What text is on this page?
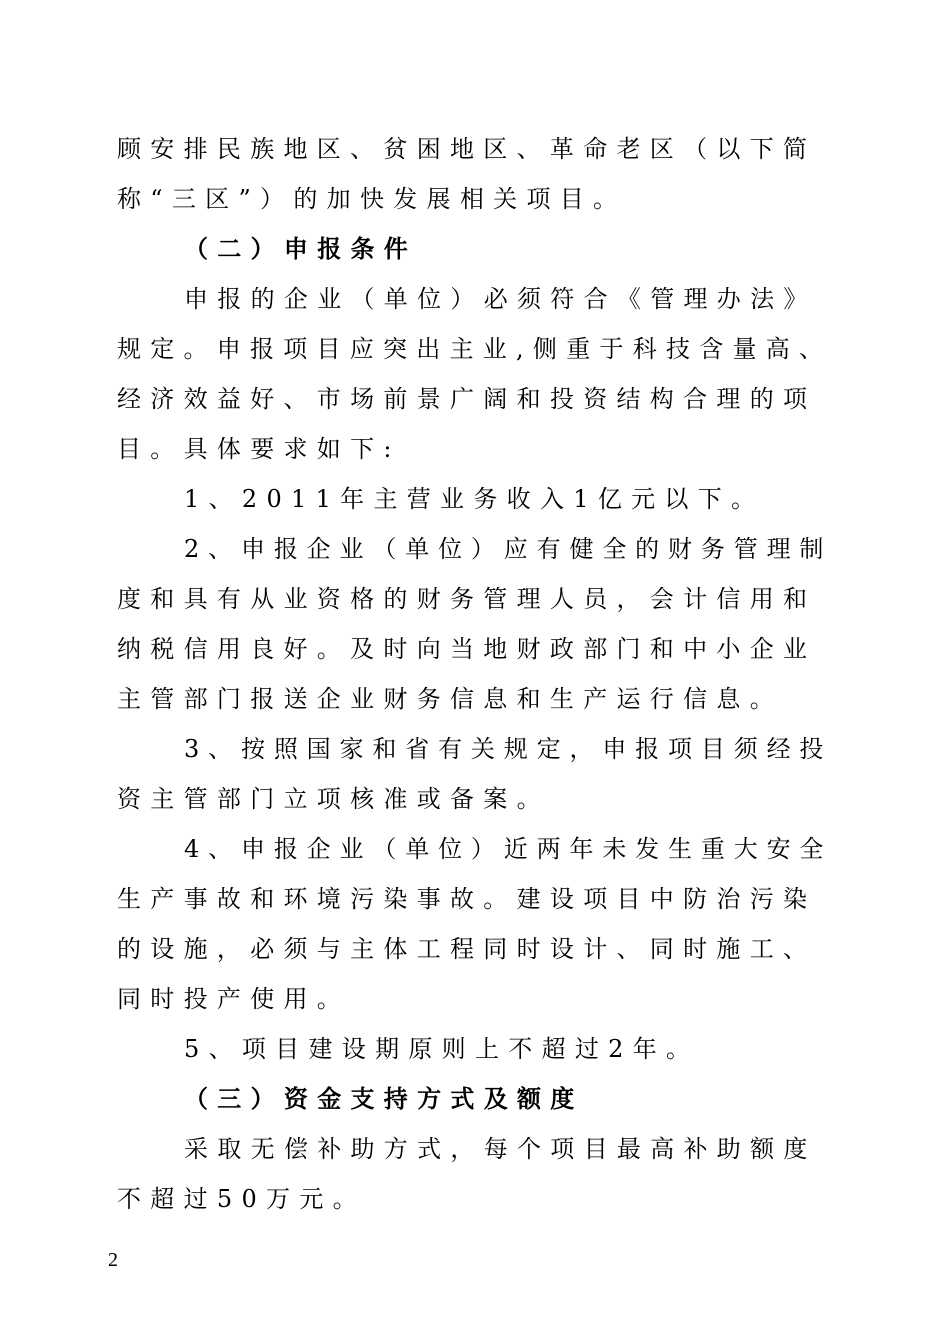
顾安排民族地区、贫困地区、革命老区（以下简
称“三区”）的加快发展相关项目。
（二）申报条件
申报的企业（单位）必须符合《管理办法》
规定。申报项目应突出主业,侧重于科技含量高、
经济效益好、市场前景广阔和投资结构合理的项
目。具体要求如下:
1、2011年主营业务收入1亿元以下。
2、申报企业（单位）应有健全的财务管理制
度和具有从业资格的财务管理人员，会计信用和
纳税信用良好。及时向当地财政部门和中小企业
主管部门报送企业财务信息和生产运行信息。
3、按照国家和省有关规定，申报项目须经投
资主管部门立项核准或备案。
4、申报企业（单位）近两年未发生重大安全
生产事故和环境污染事故。建设项目中防治污染
的设施，必须与主体工程同时设计、同时施工、
同时投产使用。
5、项目建设期原则上不超过2年。
（三）资金支持方式及额度
采取无偿补助方式，每个项目最高补助额度
不超过50万元。
2
